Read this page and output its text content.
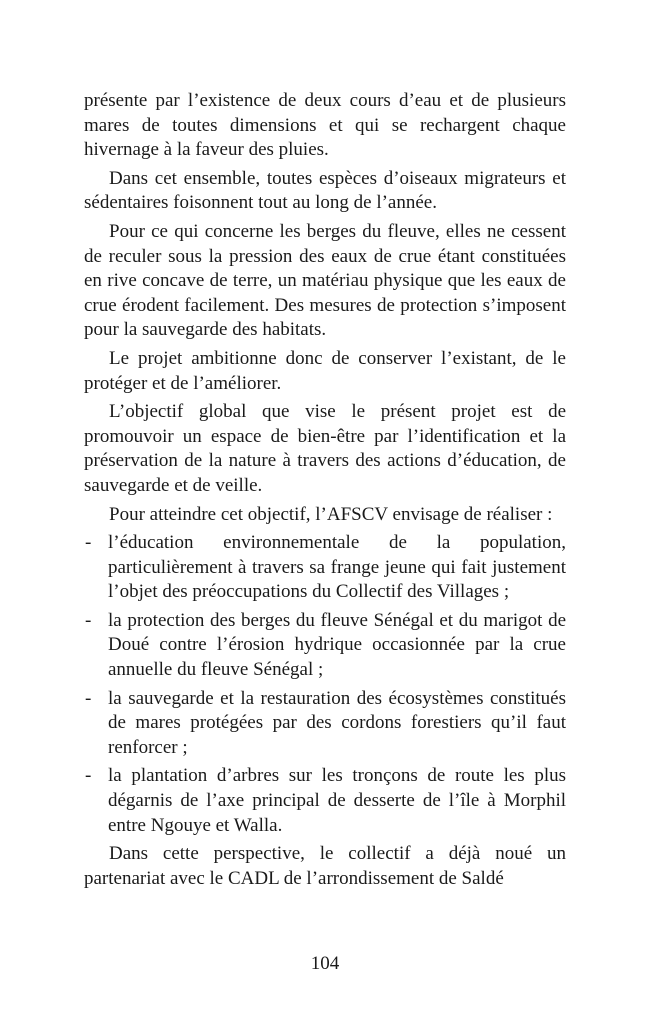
présente par l’existence de deux cours d’eau et de plusieurs mares de toutes dimensions et qui se rechargent chaque hivernage à la faveur des pluies.

Dans cet ensemble, toutes espèces d’oiseaux migrateurs et sédentaires foisonnent tout au long de l’année.

Pour ce qui concerne les berges du fleuve, elles ne cessent de reculer sous la pression des eaux de crue étant constituées en rive concave de terre, un matériau physique que les eaux de crue érodent facilement. Des mesures de protection s’imposent pour la sauvegarde des habitats.

Le projet ambitionne donc de conserver l’existant, de le protéger et de l’améliorer.

L’objectif global que vise le présent projet est de promouvoir un espace de bien-être par l’identification et la préservation de la nature à travers des actions d’éducation, de sauvegarde et de veille.

Pour atteindre cet objectif, l’AFSCV envisage de réaliser :

- l’éducation environnementale de la population, particulièrement à travers sa frange jeune qui fait justement l’objet des préoccupations du Collectif des Villages ;
- la protection des berges du fleuve Sénégal et du marigot de Doué contre l’érosion hydrique occasionnée par la crue annuelle du fleuve Sénégal ;
- la sauvegarde et la restauration des écosystèmes constitués de mares protégées par des cordons forestiers qu’il faut renforcer ;
- la plantation d’arbres sur les tronçons de route les plus dégarnis de l’axe principal de desserte de l’île à Morphil entre Ngouye et Walla.

Dans cette perspective, le collectif a déjà noué un partenariat avec le CADL de l’arrondissement de Saldé

104
